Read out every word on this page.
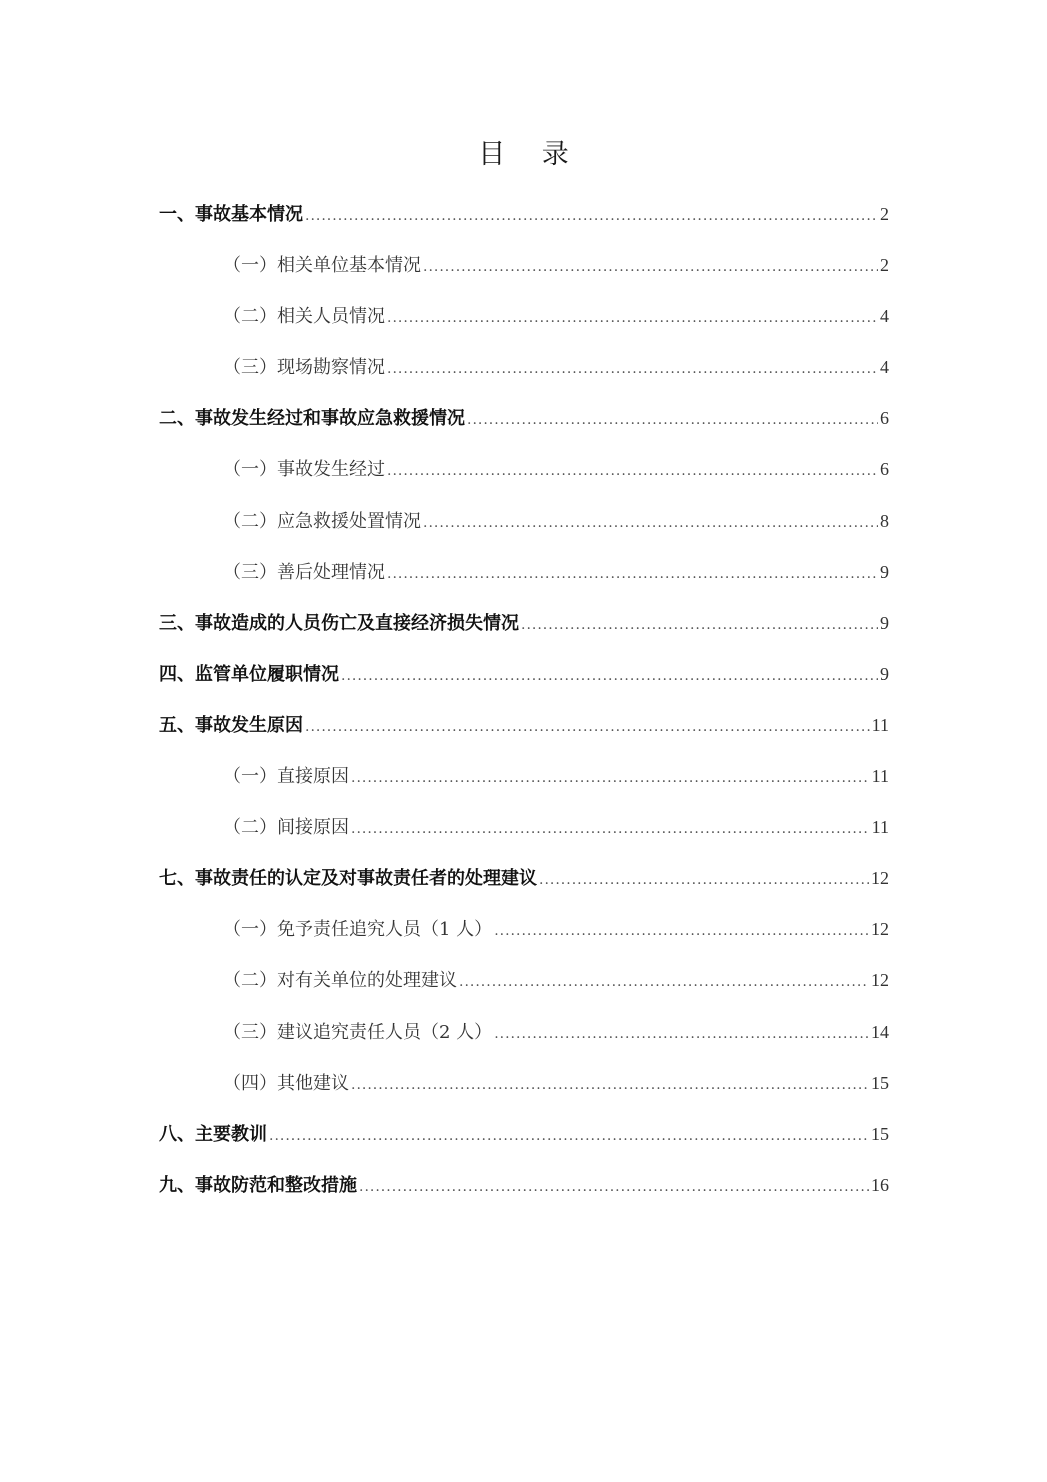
目 录
一、事故基本情况 .....	2
（一）相关单位基本情况 .....	2
（二）相关人员情况 .....	4
（三）现场勘察情况 .....	4
二、事故发生经过和事故应急救援情况 .....	6
（一）事故发生经过 .....	6
（二）应急救援处置情况 .....	8
（三）善后处理情况 .....	9
三、事故造成的人员伤亡及直接经济损失情况 .....	9
四、监管单位履职情况 .....	9
五、事故发生原因 .....	11
（一）直接原因 .....	11
（二）间接原因 .....	11
七、事故责任的认定及对事故责任者的处理建议 .....	12
（一）免予责任追究人员（1 人） .....	12
（二）对有关单位的处理建议 .....	12
（三）建议追究责任人员（2 人） .....	14
（四）其他建议 .....	15
八、主要教训 .....	15
九、事故防范和整改措施 .....	16
